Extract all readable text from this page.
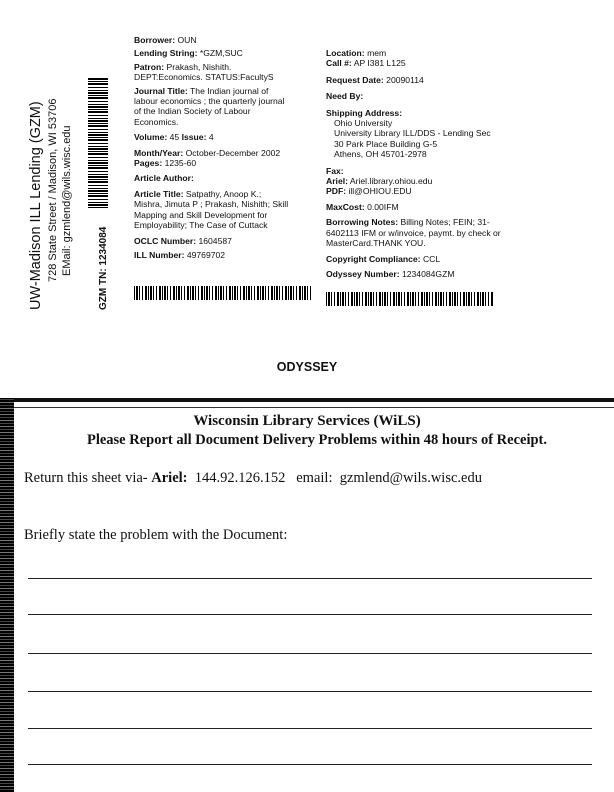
UW-Madison ILL Lending (GZM) 728 State Street / Madison, WI 53706 EMail: gzmlend@wils.wisc.edu	GZM TN: 1234084
Borrower: OUN
Lending String: *GZM,SUC
Patron: Prakash, Nishith.
DEPT:Economics. STATUS:FacultyS
Journal Title: The Indian journal of
labour economics ; the quarterly journal
of the Indian Society of Labour
Economics.
Volume: 45 Issue: 4
Month/Year: October-December 2002
Pages: 1235-60
Article Author:
Article Title: Satpathy, Anoop K.;
Mishra, Jimuta P ; Prakash, Nishith; Skill
Mapping and Skill Development for
Employability; The Case of Cuttack
OCLC Number: 1604587
ILL Number: 49769702
Location: mem
Call #: AP I381 L125
Request Date: 20090114
Need By:
Shipping Address:
Ohio University
University Library ILL/DDS - Lending Sec
30 Park Place Building G-5
Athens, OH 45701-2978
Fax:
Ariel: Ariel.library.ohiou.edu
PDF: ill@OHIOU.EDU
MaxCost: 0.00IFM
Borrowing Notes: Billing Notes; FEIN; 31-
6402113 IFM or w/invoice, paymt. by check or
MasterCard.THANK YOU.
Copyright Compliance: CCL
Odyssey Number: 1234084GZM
ODYSSEY
Wisconsin Library Services (WiLS)
Please Report all Document Delivery Problems within 48 hours of Receipt.
Return this sheet via- Ariel: 144.92.126.152 email: gzmlend@wils.wisc.edu
Briefly state the problem with the Document:
